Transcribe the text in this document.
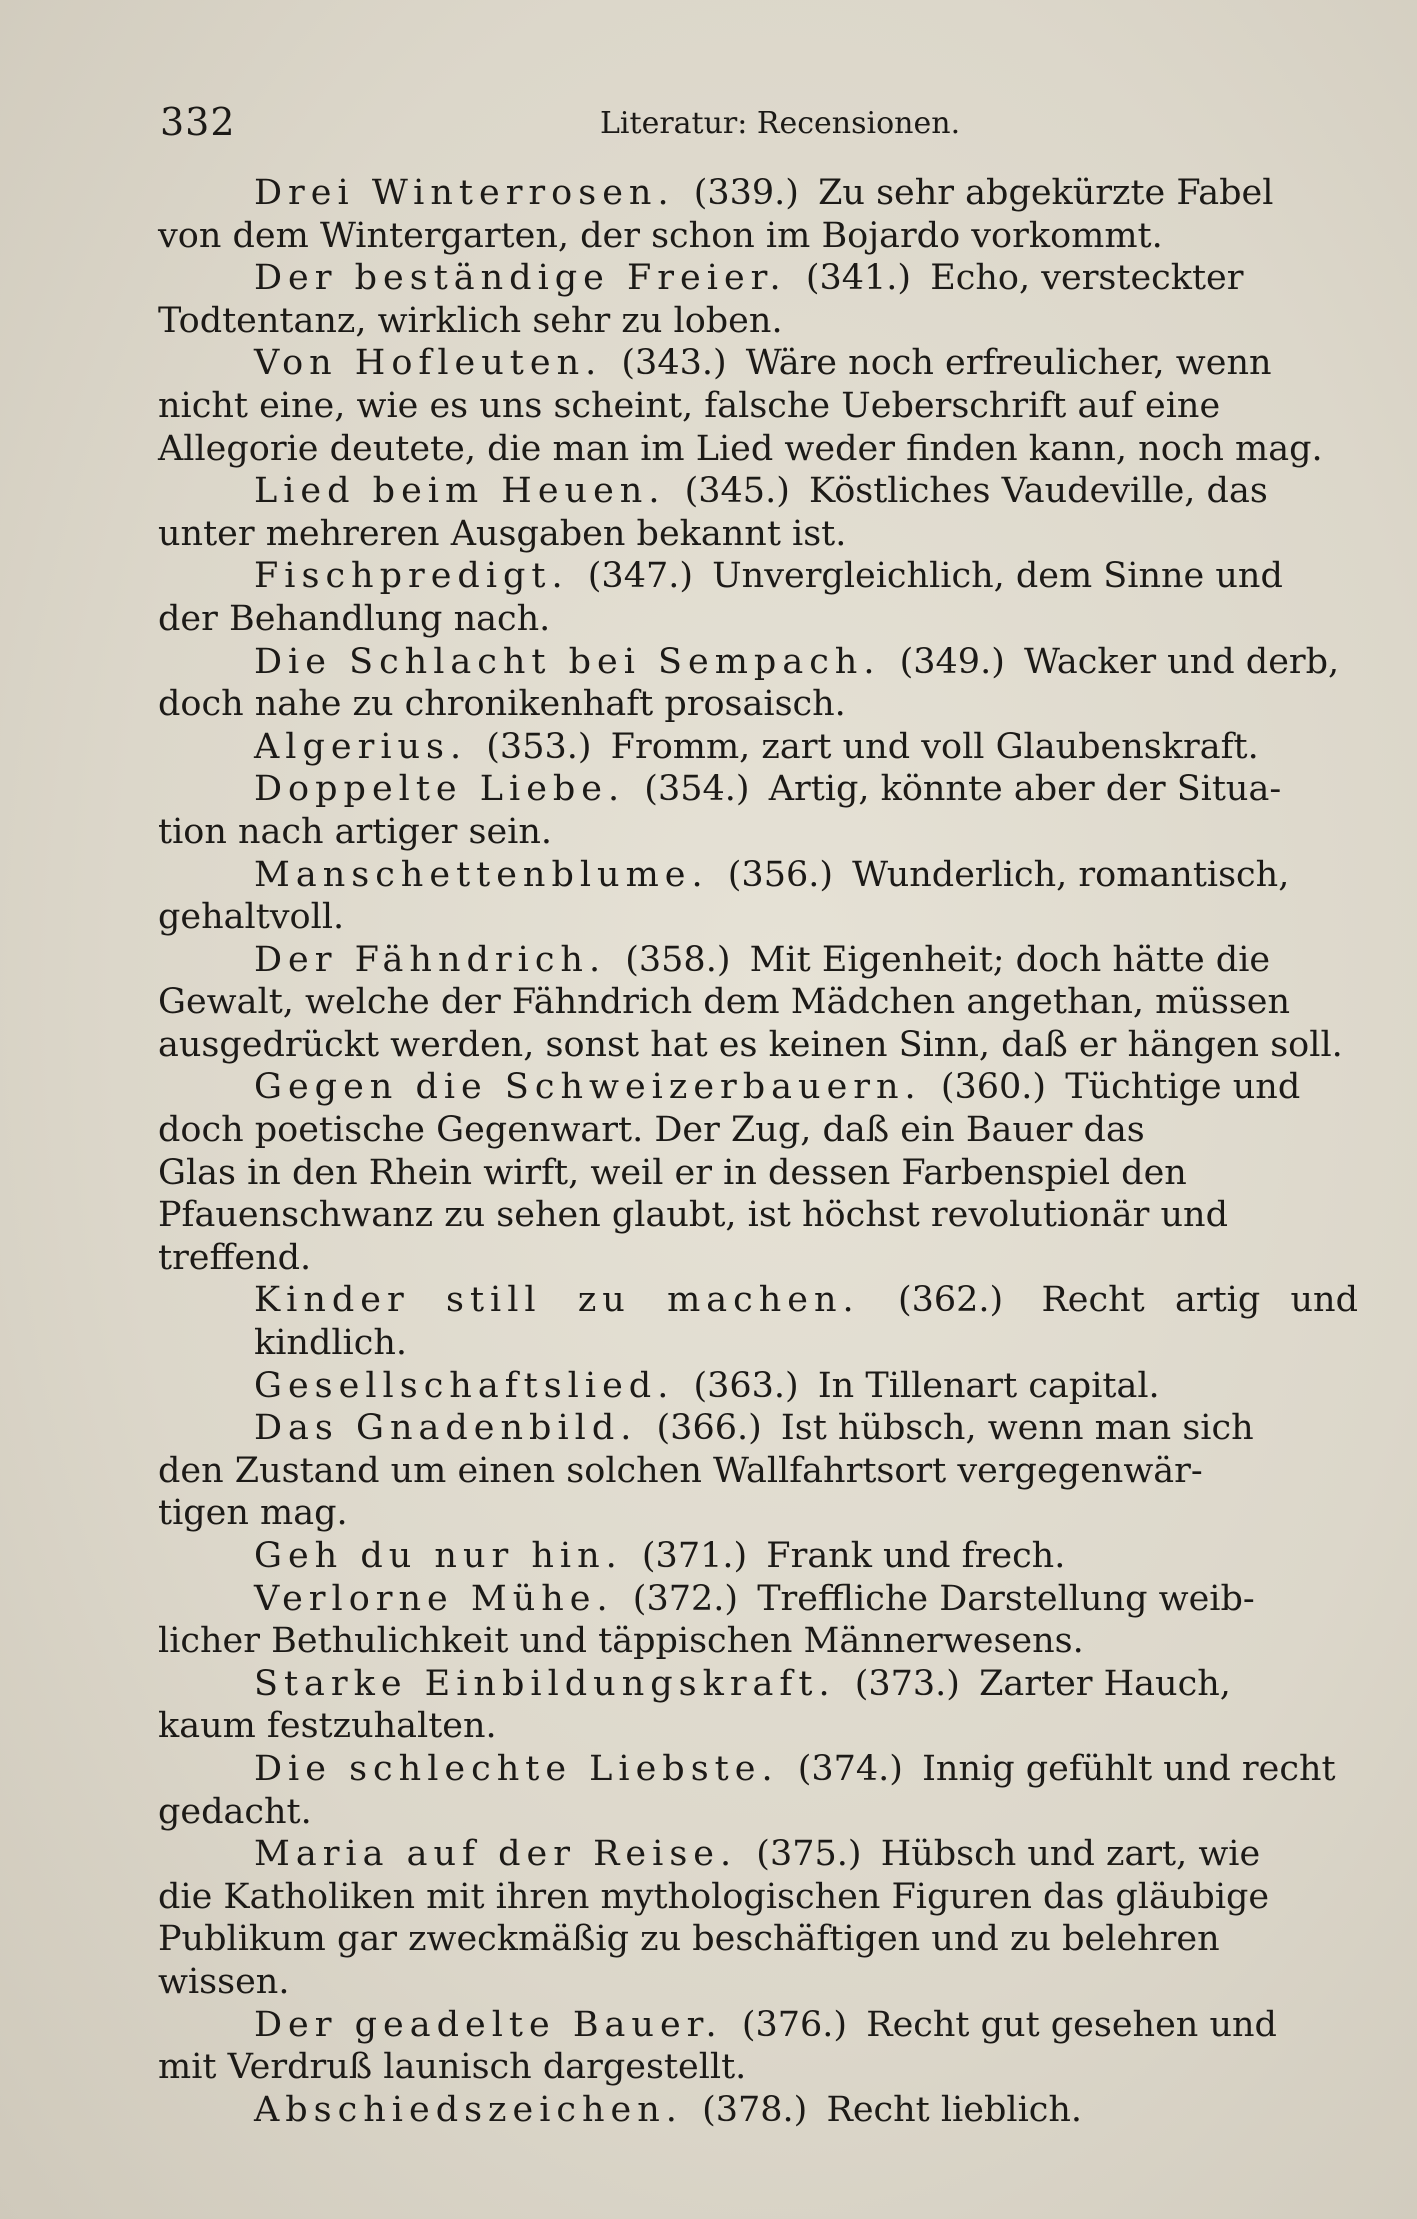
332	Literatur: Recensionen.
Drei Winterrosen. (339.) Zu sehr abgekürzte Fabel
von dem Wintergarten, der schon im Bojardo vorkommt.
Der beständige Freier. (341.) Echo, versteckter
Todtentanz, wirklich sehr zu loben.
Von Hofleuten. (343.) Wäre noch erfreulicher, wenn
nicht eine, wie es uns scheint, falsche Ueberschrift auf eine
Allegorie deutete, die man im Lied weder finden kann, noch mag.
Lied beim Heuen. (345.) Köstliches Vaudeville, das
unter mehreren Ausgaben bekannt ist.
Fischpredigt. (347.) Unvergleichlich, dem Sinne und
der Behandlung nach.
Die Schlacht bei Sempach. (349.) Wacker und derb,
doch nahe zu chronikenhaft prosaisch.
Algerius. (353.) Fromm, zart und voll Glaubenskraft.
Doppelte Liebe. (354.) Artig, könnte aber der Situa-
tion nach artiger sein.
Manschettenblume. (356.) Wunderlich, romantisch,
gehaltvoll.
Der Fähndrich. (358.) Mit Eigenheit; doch hätte die
Gewalt, welche der Fähndrich dem Mädchen angethan, müssen
ausgedrückt werden, sonst hat es keinen Sinn, daß er hängen soll.
Gegen die Schweizerbauern. (360.) Tüchtige und
doch poetische Gegenwart. Der Zug, daß ein Bauer das
Glas in den Rhein wirft, weil er in dessen Farbenspiel den
Pfauenschwanz zu sehen glaubt, ist höchst revolutionär und
treffend.
Kinder still zu machen. (362.) Recht artig und kindlich.
Gesellschaftslied. (363.) In Tillenart capital.
Das Gnadenbild. (366.) Ist hübsch, wenn man sich
den Zustand um einen solchen Wallfahrtsort vergegenwär-
tigen mag.
Geh du nur hin. (371.) Frank und frech.
Verlorne Mühe. (372.) Treffliche Darstellung weib-
licher Bethulichkeit und täppischen Männerwesens.
Starke Einbildungskraft. (373.) Zarter Hauch,
kaum festzuhalten.
Die schlechte Liebste. (374.) Innig gefühlt und recht
gedacht.
Maria auf der Reise. (375.) Hübsch und zart, wie
die Katholiken mit ihren mythologischen Figuren das gläubige
Publikum gar zweckmäßig zu beschäftigen und zu belehren
wissen.
Der geadelte Bauer. (376.) Recht gut gesehen und
mit Verdruß launisch dargestellt.
Abschiedszeichen. (378.) Recht lieblich.
